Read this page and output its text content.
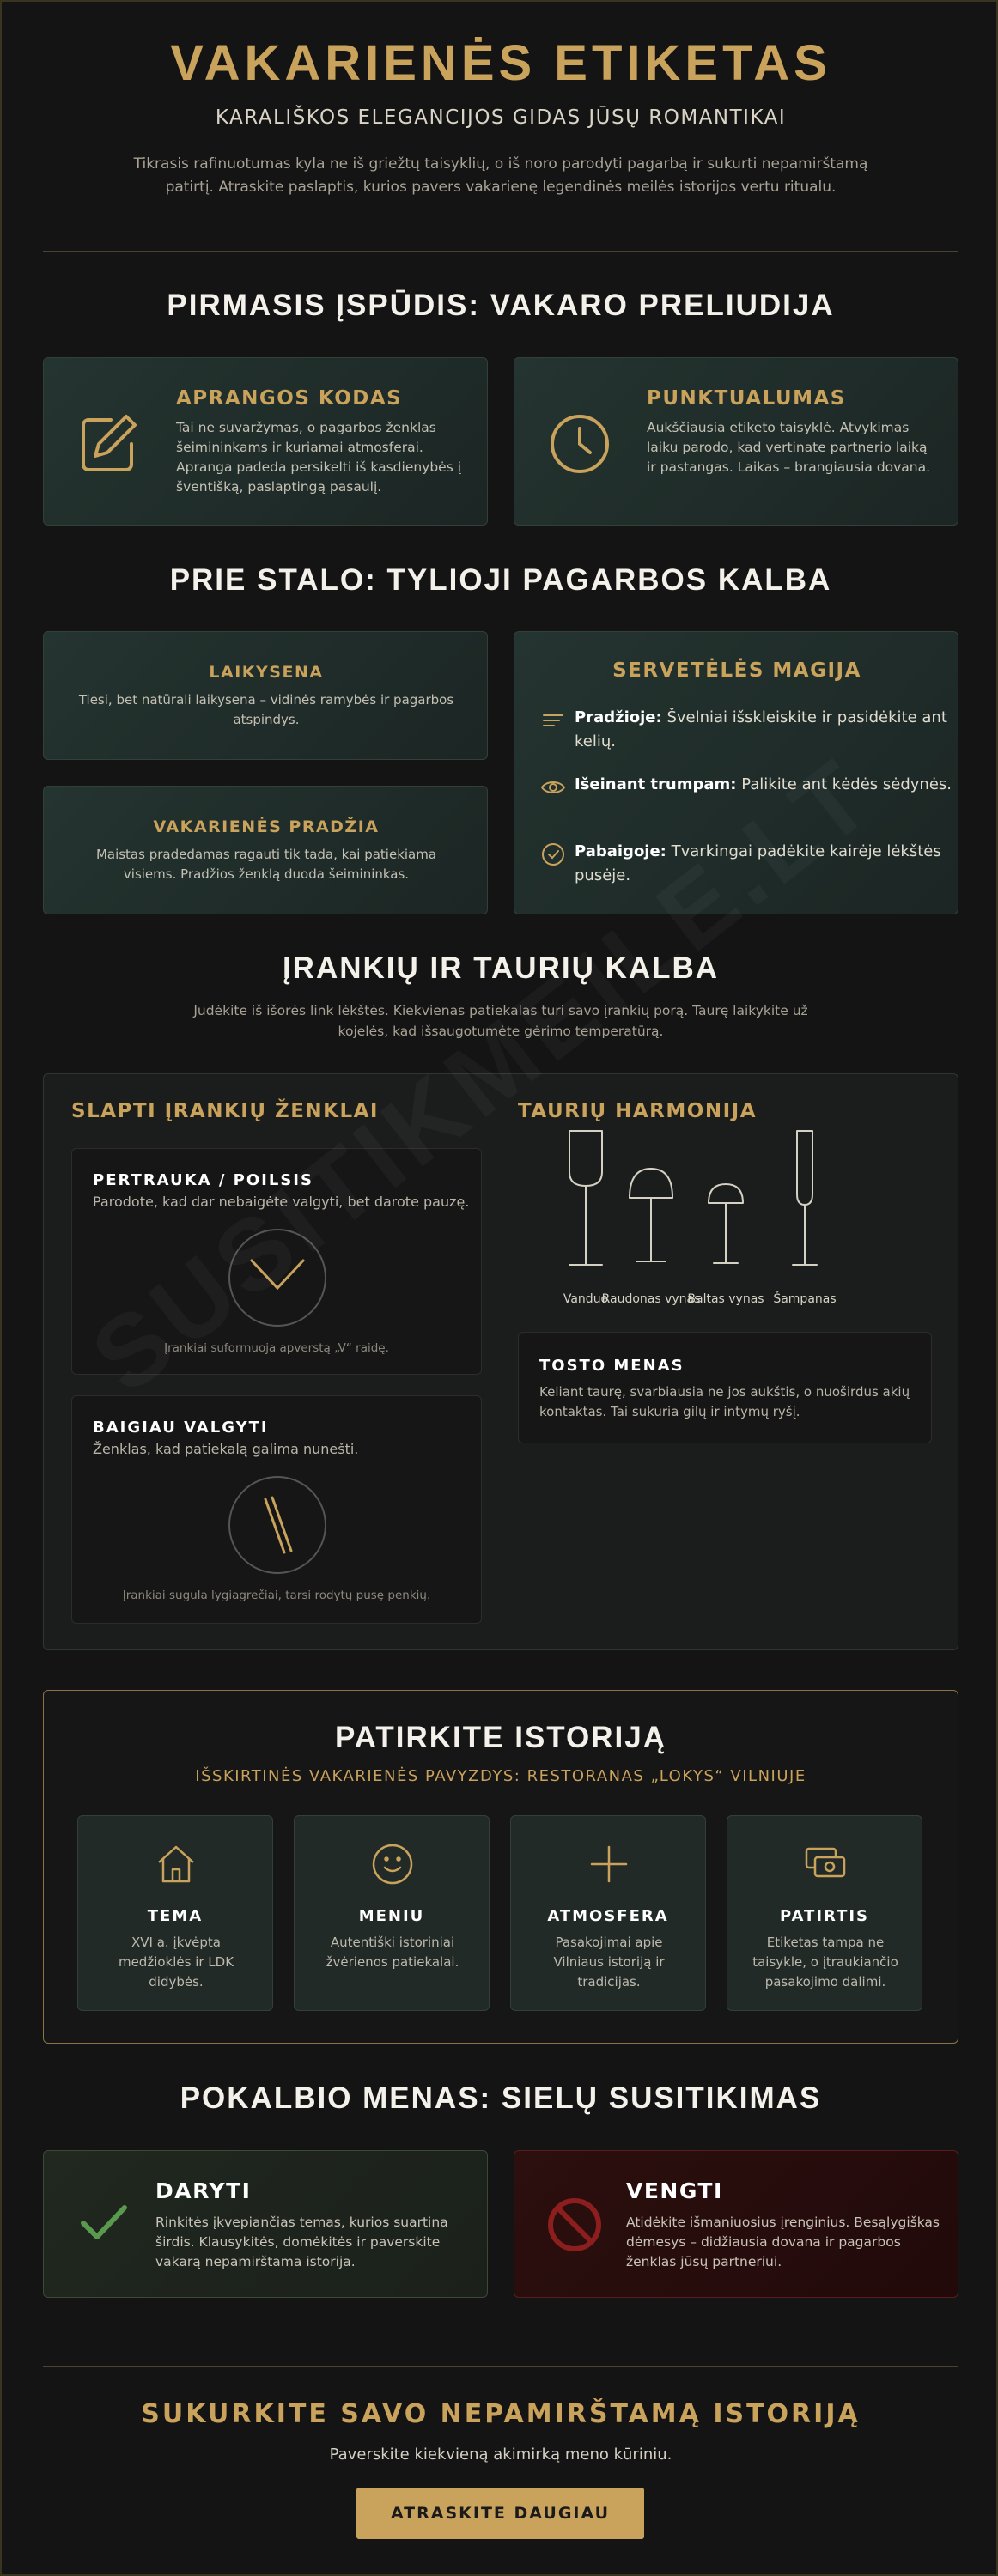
VAKARIENĖS ETIKETAS
KARALIŠKOS ELEGANCIJOS GIDAS JŪSŲ ROMANTIKAI
Tikrasis rafinuotumas kyla ne iš griežtų taisyklių, o iš noro parodyti pagarbą ir sukurti nepamirštamą patirtį. Atraskite paslaptis, kurios pavers vakarienę legendinės meilės istorijos vertu ritualu.
PIRMASIS ĮSPŪDIS: VAKARO PRELIUDIJA
APRANGOS KODAS
Tai ne suvaržymas, o pagarbos ženklas šeimininkams ir kuriamai atmosferai. Apranga padeda persikelti iš kasdienybės į šventišką, paslaptingą pasaulį.
PUNKTUALUMAS
Aukščiausia etiketo taisyklė. Atvykimas laiku parodo, kad vertinate partnerio laiką ir pastangas. Laikas – brangiausia dovana.
PRIE STALO: TYLIOJI PAGARBOS KALBA
LAIKYSENA
Tiesi, bet natūrali laikysena – vidinės ramybės ir pagarbos atspindys.
VAKARIENĖS PRADŽIA
Maistas pradedamas ragauti tik tada, kai patiekiama visiems. Pradžios ženklą duoda šeimininkas.
SERVETĖLĖS MAGIJA
Pradžioje: Švelniai išskleiskite ir pasidėkite ant kelių.
Išeinant trumpam: Palikite ant kėdės sėdynės.
Pabaigoje: Tvarkingai padėkite kairėje lėkštės pusėje.
ĮRANKIŲ IR TAURIŲ KALBA
Judėkite iš išorės link lėkštės. Kiekvienas patiekalas turi savo įrankių porą. Taurę laikykite už kojelės, kad išsaugotumėte gėrimo temperatūrą.
SLAPTI ĮRANKIŲ ŽENKLAI
PERTRAUKA / POILSIS
Parodote, kad dar nebaigėte valgyti, bet darote pauzę.
Įrankiai suformuoja apverstą „V“ raidę.
BAIGIAU VALGYTI
Ženklas, kad patiekalą galima nunešti.
Įrankiai sugula lygiagrečiai, tarsi rodytų pusę penkių.
TAURIŲ HARMONIJA
Vanduo
Raudonas vynas
Baltas vynas Šampanas
TOSTO MENAS
Keliant taurę, svarbiausia ne jos aukštis, o nuoširdus akių kontaktas. Tai sukuria gilų ir intymų ryšį.
PATIRKITE ISTORIJĄ
IŠSKIRTINĖS VAKARIENĖS PAVYZDYS: RESTORANAS „LOKYS“ VILNIUJE
TEMA
XVI a. įkvėpta medžioklės ir LDK didybės.
MENIU
Autentiški istoriniai žvėrienos patiekalai.
ATMOSFERA
Pasakojimai apie Vilniaus istoriją ir tradicijas.
PATIRTIS
Etiketas tampa ne taisykle, o įtraukiančio pasakojimo dalimi.
POKALBIO MENAS: SIELŲ SUSITIKIMAS
DARYTI
Rinkitės įkvepiančias temas, kurios suartina širdis. Klausykitės, domėkitės ir paverskite vakarą nepamirštama istorija.
VENGTI
Atidėkite išmaniuosius įrenginius. Besąlygiškas dėmesys – didžiausia dovana ir pagarbos ženklas jūsų partneriui.
SUKURKITE SAVO NEPAMIRŠTAMĄ ISTORIJĄ
Paverskite kiekvieną akimirką meno kūriniu.
ATRASKITE DAUGIAU
